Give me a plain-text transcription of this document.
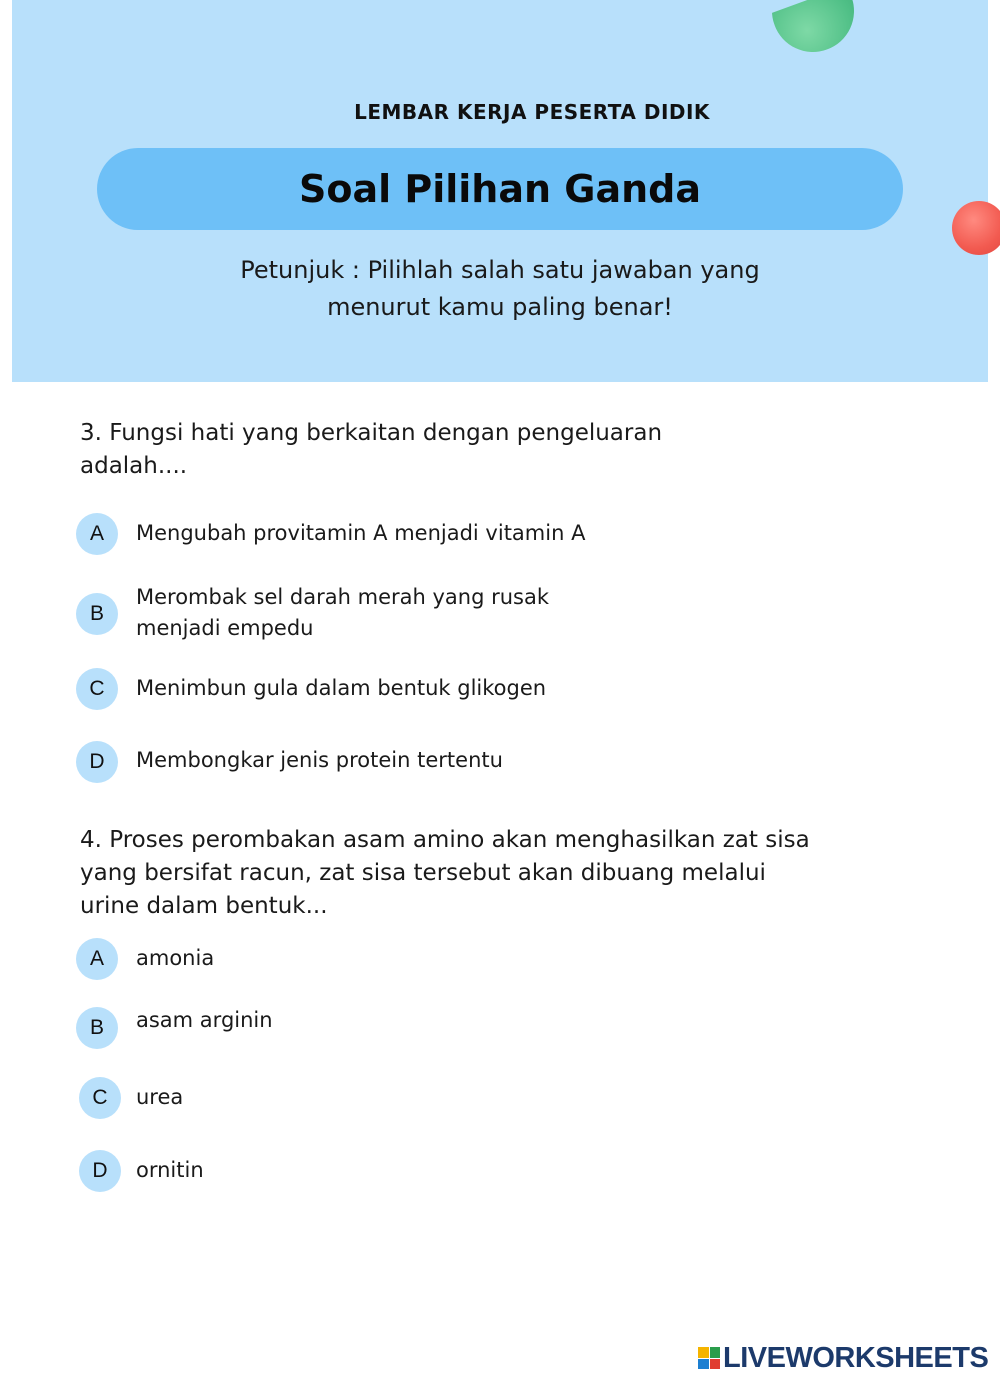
LEMBAR KERJA PESERTA DIDIK
Soal Pilihan Ganda
Petunjuk : Pilihlah salah satu jawaban yang
menurut kamu paling benar!
3. Fungsi hati yang berkaitan dengan pengeluaran
adalah....
A	Mengubah provitamin A menjadi vitamin A
B
Merombak sel darah merah yang rusak
menjadi empedu
C	Menimbun gula dalam bentuk glikogen
D	Membongkar jenis protein tertentu
4. Proses perombakan asam amino akan menghasilkan zat sisa
yang bersifat racun, zat sisa tersebut akan dibuang melalui
urine dalam bentuk...
A	amonia
B	asam arginin
C	urea
D	ornitin
LIVEWORKSHEETS
